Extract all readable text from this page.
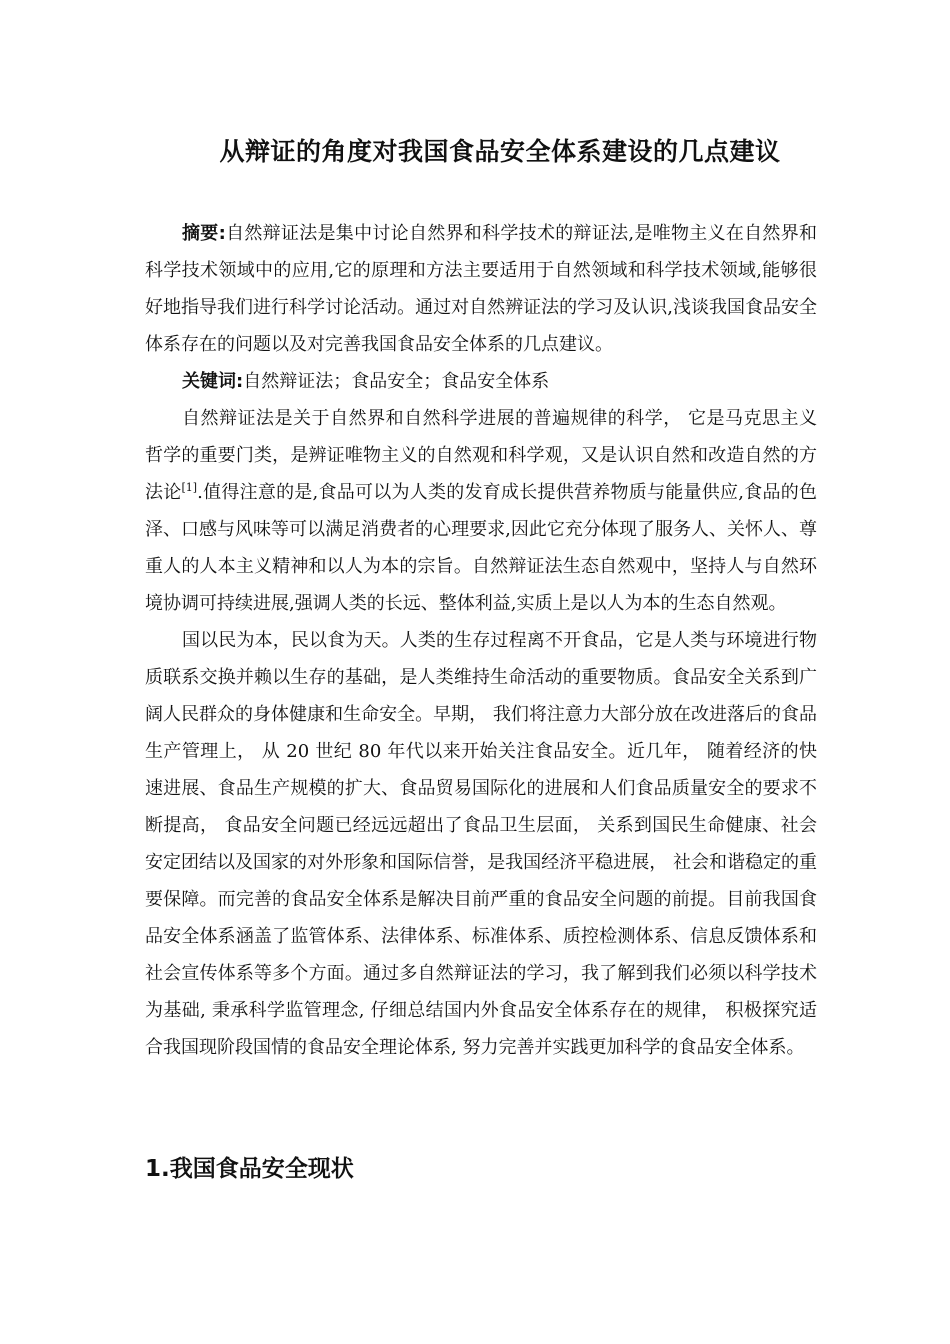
从辩证的角度对我国食品安全体系建设的几点建议

摘要:自然辩证法是集中讨论自然界和科学技术的辩证法,是唯物主义在自然界和科学技术领域中的应用,它的原理和方法主要适用于自然领域和科学技术领域,能够很好地指导我们进行科学讨论活动。通过对自然辨证法的学习及认识,浅谈我国食品安全体系存在的问题以及对完善我国食品安全体系的几点建议。

关键词:自然辩证法；食品安全；食品安全体系

自然辩证法是关于自然界和自然科学进展的普遍规律的科学， 它是马克思主义哲学的重要门类，是辨证唯物主义的自然观和科学观，又是认识自然和改造自然的方法论[1].值得注意的是,食品可以为人类的发育成长提供营养物质与能量供应,食品的色泽、口感与风味等可以满足消费者的心理要求,因此它充分体现了服务人、关怀人、尊重人的人本主义精神和以人为本的宗旨。自然辩证法生态自然观中，坚持人与自然环境协调可持续进展,强调人类的长远、整体利益,实质上是以人为本的生态自然观。

国以民为本，民以食为天。人类的生存过程离不开食品，它是人类与环境进行物质联系交换并赖以生存的基础，是人类维持生命活动的重要物质。食品安全关系到广阔人民群众的身体健康和生命安全。早期， 我们将注意力大部分放在改进落后的食品生产管理上， 从 20 世纪 80 年代以来开始关注食品安全。近几年， 随着经济的快速进展、食品生产规模的扩大、食品贸易国际化的进展和人们食品质量安全的要求不断提高， 食品安全问题已经远远超出了食品卫生层面， 关系到国民生命健康、社会安定团结以及国家的对外形象和国际信誉，是我国经济平稳进展， 社会和谐稳定的重要保障。而完善的食品安全体系是解决目前严重的食品安全问题的前提。目前我国食品安全体系涵盖了监管体系、法律体系、标准体系、质控检测体系、信息反馈体系和社会宣传体系等多个方面。通过多自然辩证法的学习，我了解到我们必须以科学技术为基础, 秉承科学监管理念, 仔细总结国内外食品安全体系存在的规律， 积极探究适合我国现阶段国情的食品安全理论体系, 努力完善并实践更加科学的食品安全体系。

1.我国食品安全现状
